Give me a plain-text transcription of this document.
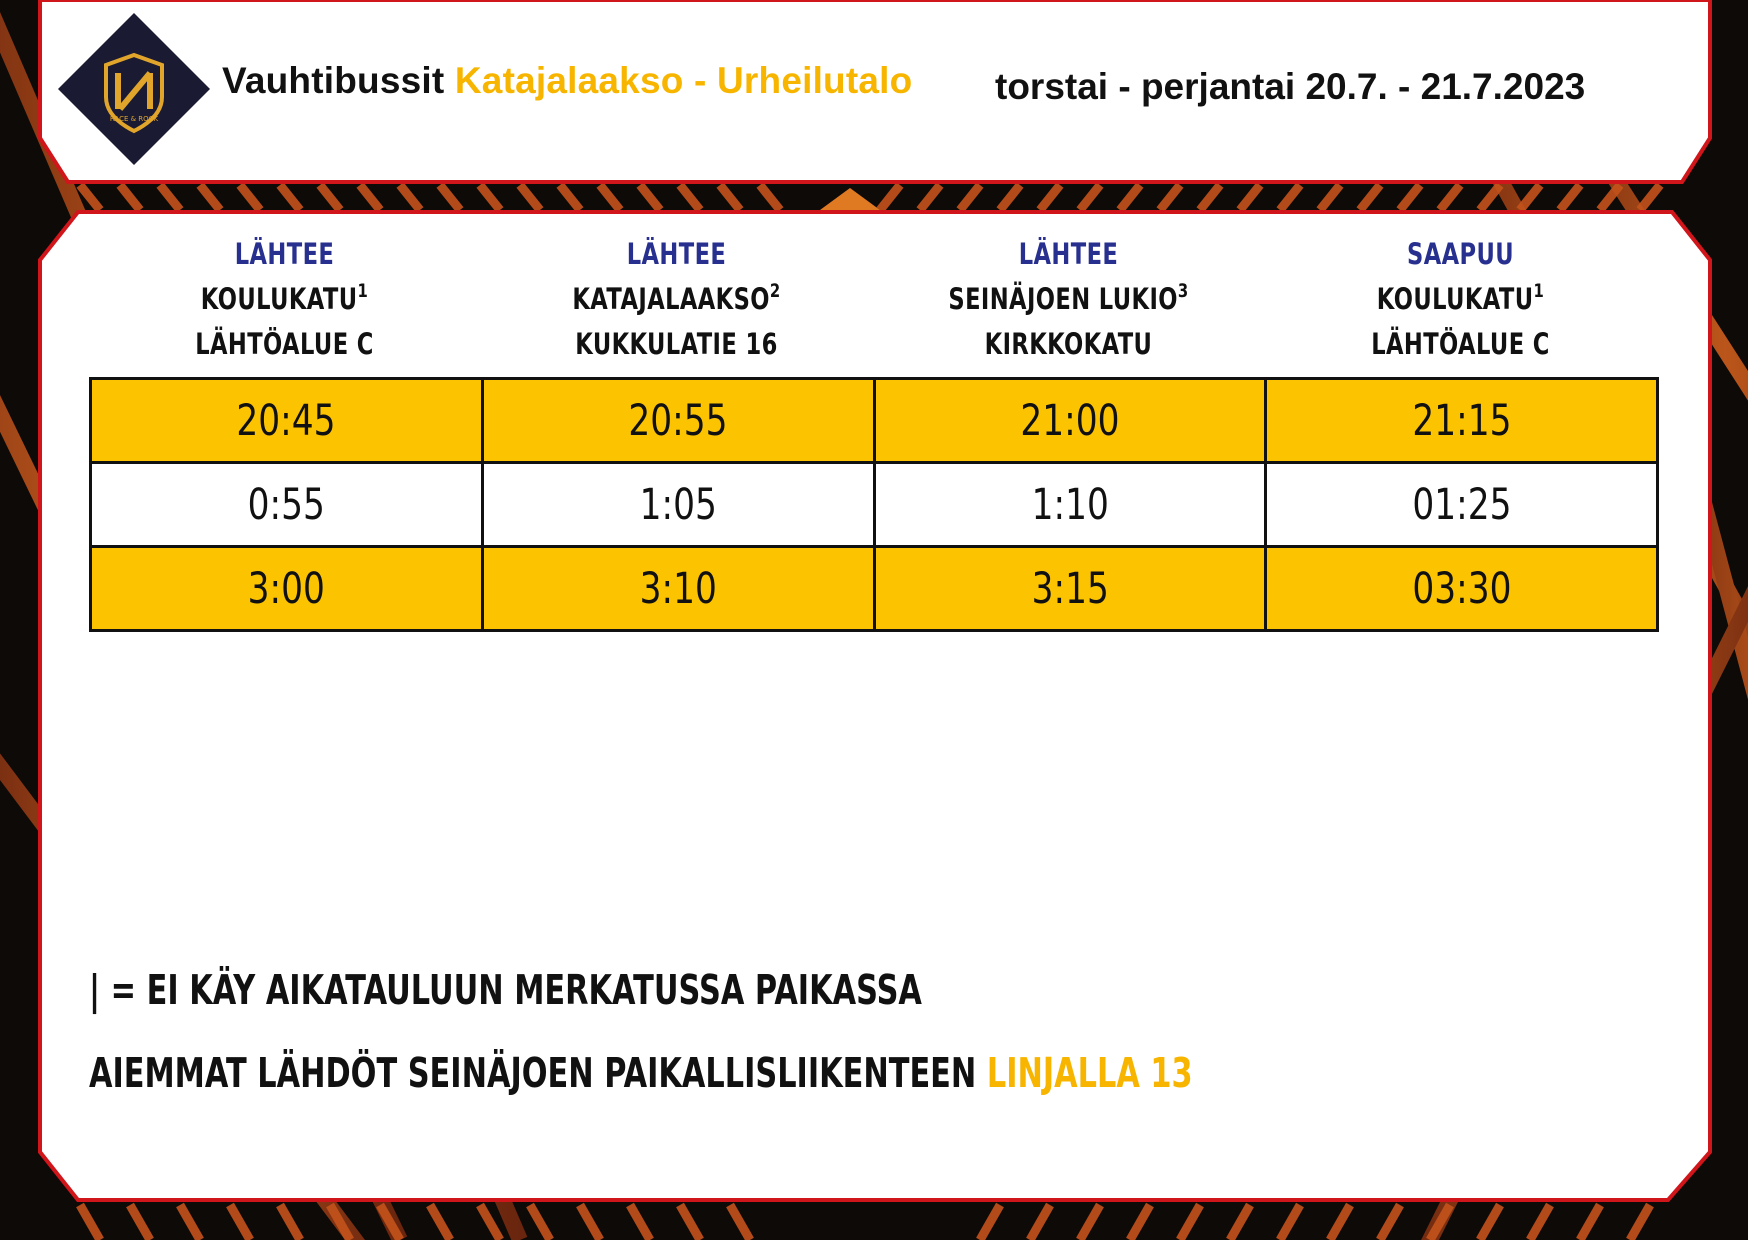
RACE & ROCK
Vauhtibussit Katajalaakso - Urheilutalo torstai - perjantai 20.7. - 21.7.2023
LÄHTEE
KOULUKATU$^1$
LÄHTÖALUE C
LÄHTEE
KATAJALAAKSO$^2$
KUKKULATIE 16
LÄHTEE
SEINÄJOEN LUKIO$^3$
KIRKKOKATU
SAAPUU
KOULUKATU$^1$
LÄHTÖALUE C
20:45	20:55	21:00	21:15
0:55	1:05	1:10	01:25
3:00	3:10	3:15	03:30
| = EI KÄY AIKATAULUUN MERKATUSSA PAIKASSA
AIEMMAT LÄHDÖT SEINÄJOEN PAIKALLISLIIKENTEEN LINJALLA 13
